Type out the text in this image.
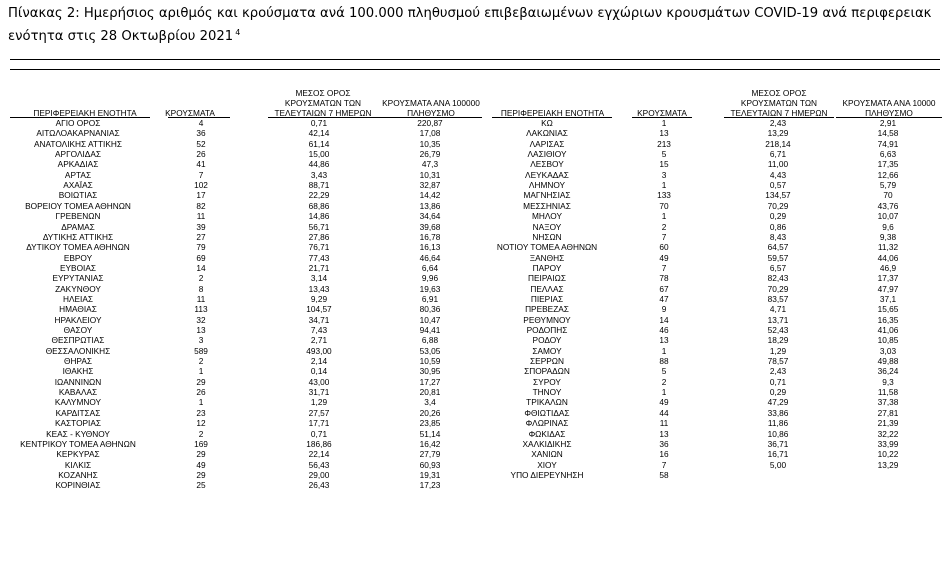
Πίνακας 2: Ημερήσιος αριθμός και κρούσματα ανά 100.000 πληθυσμού επιβεβαιωμένων εγχώριων κρουσμάτων COVID-19 ανά περιφερειακ
ενότητα στις 28 Οκτωβρίου 2021 $^4$
ΠΕΡΙΦΕΡΕΙΑΚΗ ΕΝΟΤΗΤΑ	ΚΡΟΥΣΜΑΤΑ
ΜΕΣΟΣ ΟΡΟΣ ΚΡΟΥΣΜΑΤΩΝ ΤΩΝ ΤΕΛΕΥΤΑΙΩΝ 7 ΗΜΕΡΩΝ
ΚΡΟΥΣΜΑΤΑ ΑΝΑ 100000 ΠΛΗΘΥΣΜΟ	ΠΕΡΙΦΕΡΕΙΑΚΗ ΕΝΟΤΗΤΑ	ΚΡΟΥΣΜΑΤΑ
ΜΕΣΟΣ ΟΡΟΣ ΚΡΟΥΣΜΑΤΩΝ ΤΩΝ ΤΕΛΕΥΤΑΙΩΝ 7 ΗΜΕΡΩΝ
ΚΡΟΥΣΜΑΤΑ ΑΝΑ 10000 ΠΛΗΘΥΣΜΟ
ΑΓΙΟ ΟΡΟΣ	4	0,71	220,87	ΚΩ	1	2,43	2,91
ΑΙΤΩΛΟΑΚΑΡΝΑΝΙΑΣ	36	42,14	17,08	ΛΑΚΩΝΙΑΣ	13	13,29	14,58
ΑΝΑΤΟΛΙΚΗΣ ΑΤΤΙΚΗΣ	52	61,14	10,35	ΛΑΡΙΣΑΣ	213	218,14	74,91
ΑΡΓΟΛΙΔΑΣ	26	15,00	26,79	ΛΑΣΙΘΙΟΥ	5	6,71	6,63
ΑΡΚΑΔΙΑΣ	41	44,86	47,3	ΛΕΣΒΟΥ	15	11,00	17,35
ΑΡΤΑΣ	7	3,43	10,31	ΛΕΥΚΑΔΑΣ	3	4,43	12,66
ΑΧΑΪΑΣ	102	88,71	32,87	ΛΗΜΝΟΥ	1	0,57	5,79
ΒΟΙΩΤΙΑΣ	17	22,29	14,42	ΜΑΓΝΗΣΙΑΣ	133	134,57	70
ΒΟΡΕΙΟΥ ΤΟΜΕΑ ΑΘΗΝΩΝ	82	68,86	13,86	ΜΕΣΣΗΝΙΑΣ	70	70,29	43,76
ΓΡΕΒΕΝΩΝ	11	14,86	34,64	ΜΗΛΟΥ	1	0,29	10,07
ΔΡΑΜΑΣ	39	56,71	39,68	ΝΑΞΟΥ	2	0,86	9,6
ΔΥΤΙΚΗΣ ΑΤΤΙΚΗΣ	27	27,86	16,78	ΝΗΣΩΝ	7	8,43	9,38
ΔΥΤΙΚΟΥ ΤΟΜΕΑ ΑΘΗΝΩΝ	79	76,71	16,13	ΝΟΤΙΟΥ ΤΟΜΕΑ ΑΘΗΝΩΝ	60	64,57	11,32
ΕΒΡΟΥ	69	77,43	46,64	ΞΑΝΘΗΣ	49	59,57	44,06
ΕΥΒΟΙΑΣ	14	21,71	6,64	ΠΑΡΟΥ	7	6,57	46,9
ΕΥΡΥΤΑΝΙΑΣ	2	3,14	9,96	ΠΕΙΡΑΙΩΣ	78	82,43	17,37
ΖΑΚΥΝΘΟΥ	8	13,43	19,63	ΠΕΛΛΑΣ	67	70,29	47,97
ΗΛΕΙΑΣ	11	9,29	6,91	ΠΙΕΡΙΑΣ	47	83,57	37,1
ΗΜΑΘΙΑΣ	113	104,57	80,36	ΠΡΕΒΕΖΑΣ	9	4,71	15,65
ΗΡΑΚΛΕΙΟΥ	32	34,71	10,47	ΡΕΘΥΜΝΟΥ	14	13,71	16,35
ΘΑΣΟΥ	13	7,43	94,41	ΡΟΔΟΠΗΣ	46	52,43	41,06
ΘΕΣΠΡΩΤΙΑΣ	3	2,71	6,88	ΡΟΔΟΥ	13	18,29	10,85
ΘΕΣΣΑΛΟΝΙΚΗΣ	589	493,00	53,05	ΣΑΜΟΥ	1	1,29	3,03
ΘΗΡΑΣ	2	2,14	10,59	ΣΕΡΡΩΝ	88	78,57	49,88
ΙΘΑΚΗΣ	1	0,14	30,95	ΣΠΟΡΑΔΩΝ	5	2,43	36,24
ΙΩΑΝΝΙΝΩΝ	29	43,00	17,27	ΣΥΡΟΥ	2	0,71	9,3
ΚΑΒΑΛΑΣ	26	31,71	20,81	ΤΗΝΟΥ	1	0,29	11,58
ΚΑΛΥΜΝΟΥ	1	1,29	3,4	ΤΡΙΚΑΛΩΝ	49	47,29	37,38
ΚΑΡΔΙΤΣΑΣ	23	27,57	20,26	ΦΘΙΩΤΙΔΑΣ	44	33,86	27,81
ΚΑΣΤΟΡΙΑΣ	12	17,71	23,85	ΦΛΩΡΙΝΑΣ	11	11,86	21,39
ΚΕΑΣ - ΚΥΘΝΟΥ	2	0,71	51,14	ΦΩΚΙΔΑΣ	13	10,86	32,22
ΚΕΝΤΡΙΚΟΥ ΤΟΜΕΑ ΑΘΗΝΩΝ	169	186,86	16,42	ΧΑΛΚΙΔΙΚΗΣ	36	36,71	33,99
ΚΕΡΚΥΡΑΣ	29	22,14	27,79	ΧΑΝΙΩΝ	16	16,71	10,22
ΚΙΛΚΙΣ	49	56,43	60,93	ΧΙΟΥ	7	5,00	13,29
ΚΟΖΑΝΗΣ	29	29,00	19,31	ΥΠΟ ΔΙΕΡΕΥΝΗΣΗ	58
ΚΟΡΙΝΘΙΑΣ	25	26,43	17,23
